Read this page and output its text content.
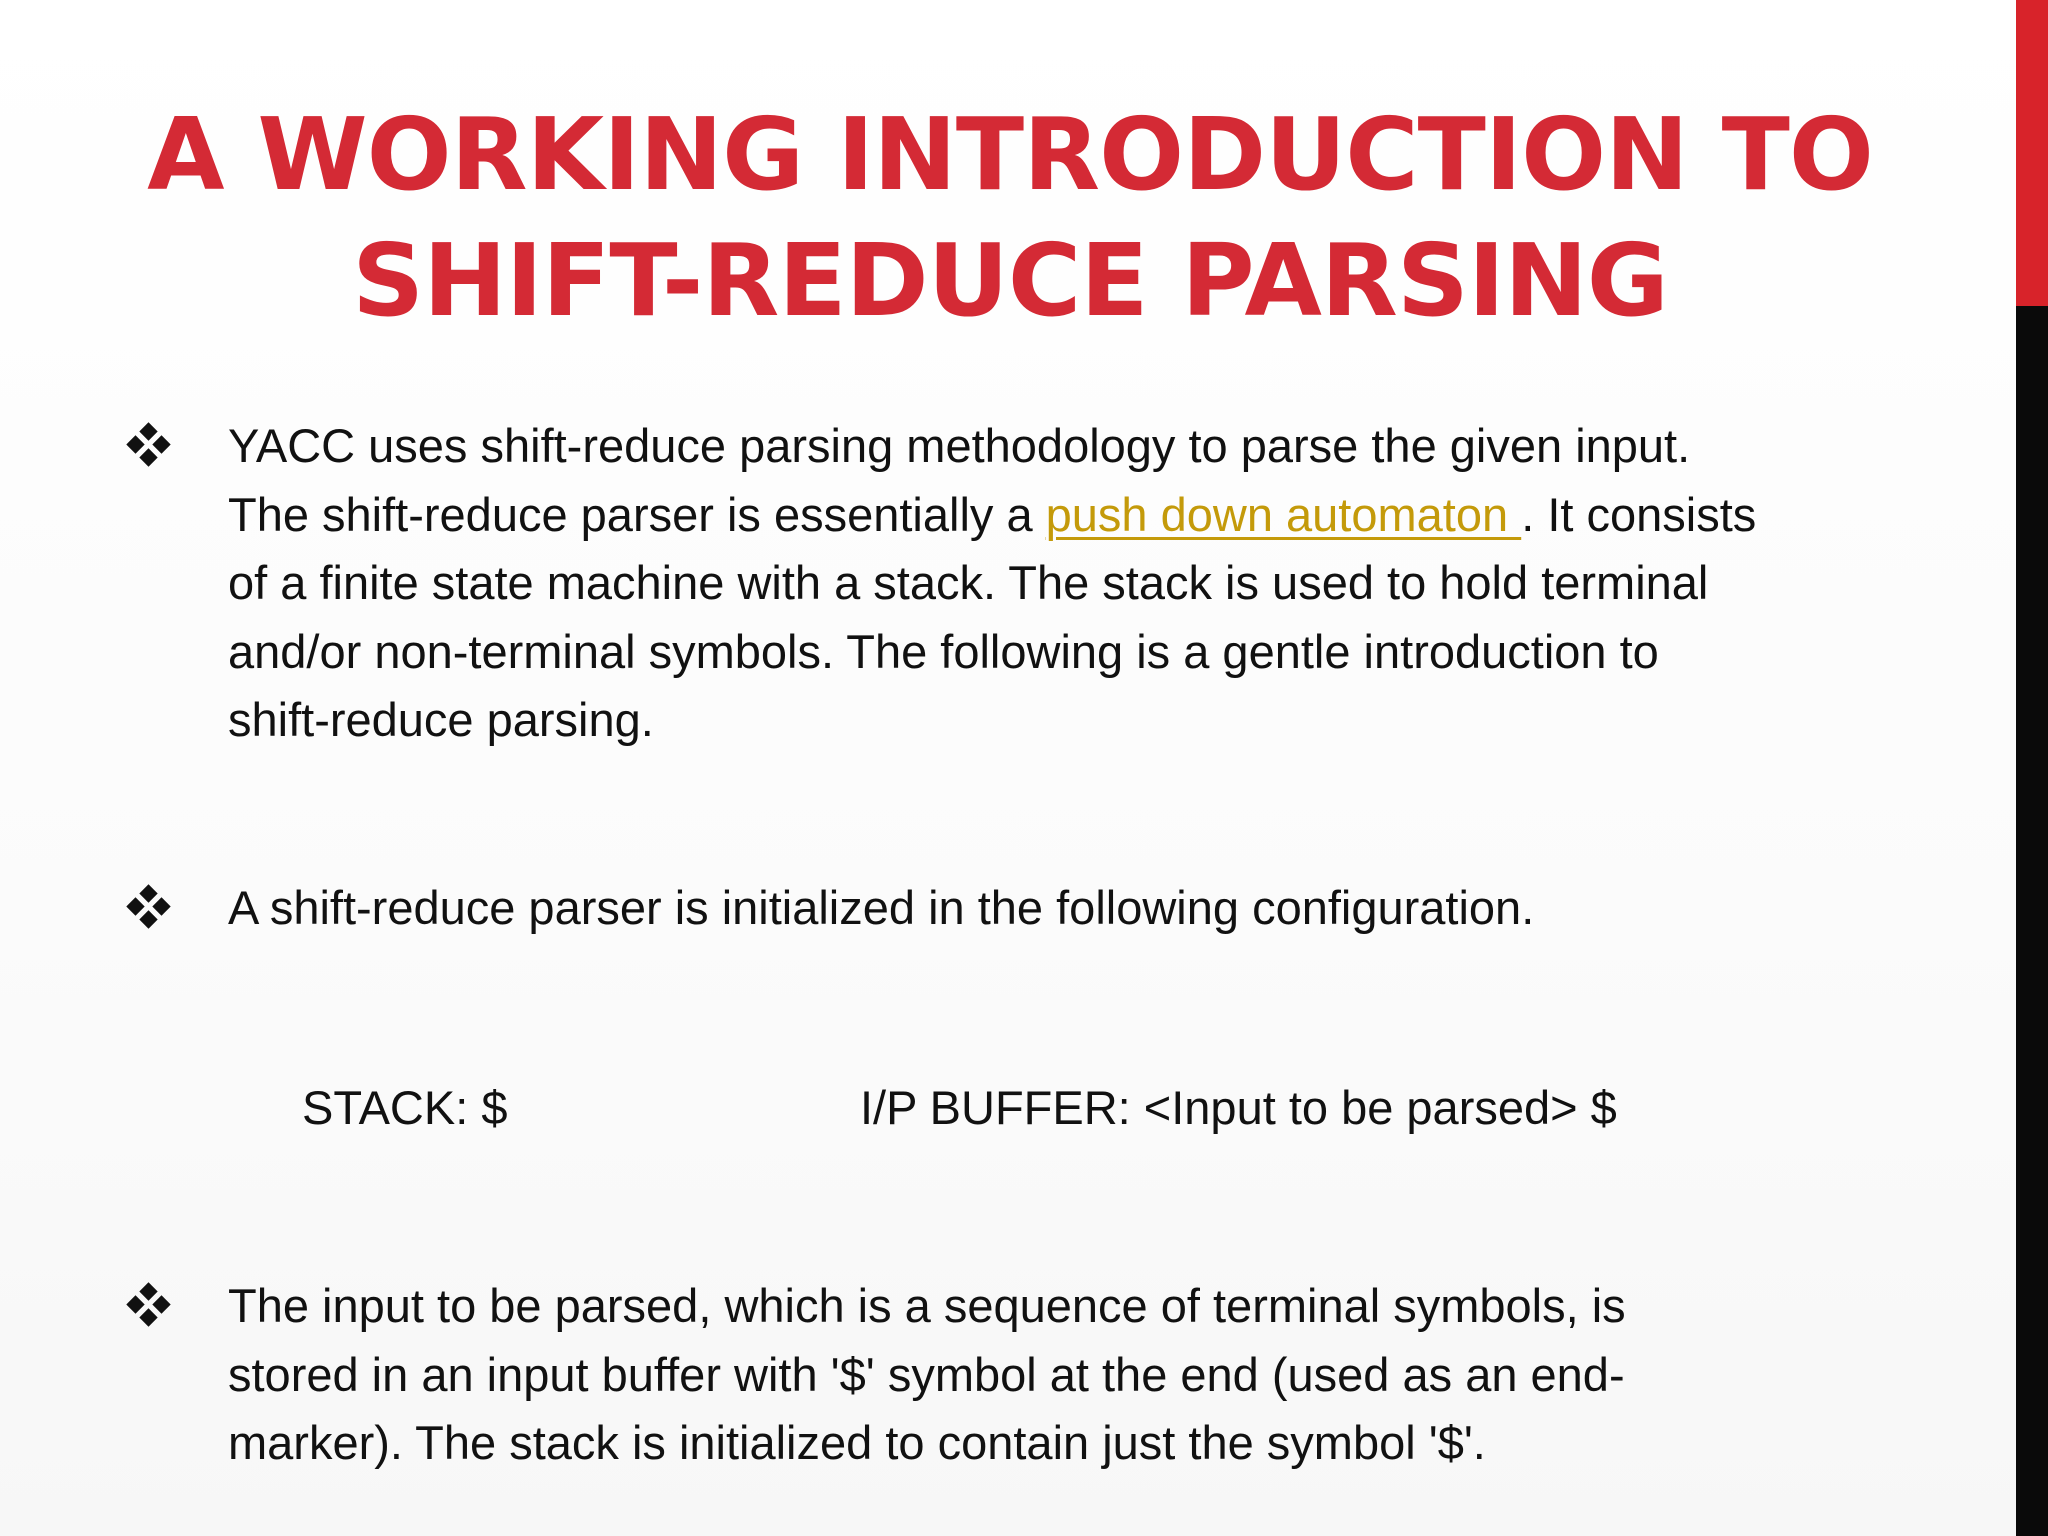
A WORKING INTRODUCTION TO
SHIFT-REDUCE PARSING
YACC uses shift-reduce parsing methodology to parse the given input.
The shift-reduce parser is essentially a push down automaton . It consists
of a finite state machine with a stack. The stack is used to hold terminal
and/or non-terminal symbols. The following is a gentle introduction to
shift-reduce parsing.
A shift-reduce parser is initialized in the following configuration.
STACK: $	I/P BUFFER: <Input to be parsed> $
The input to be parsed, which is a sequence of terminal symbols, is
stored in an input buffer with '$' symbol at the end (used as an end-
marker). The stack is initialized to contain just the symbol '$'.
